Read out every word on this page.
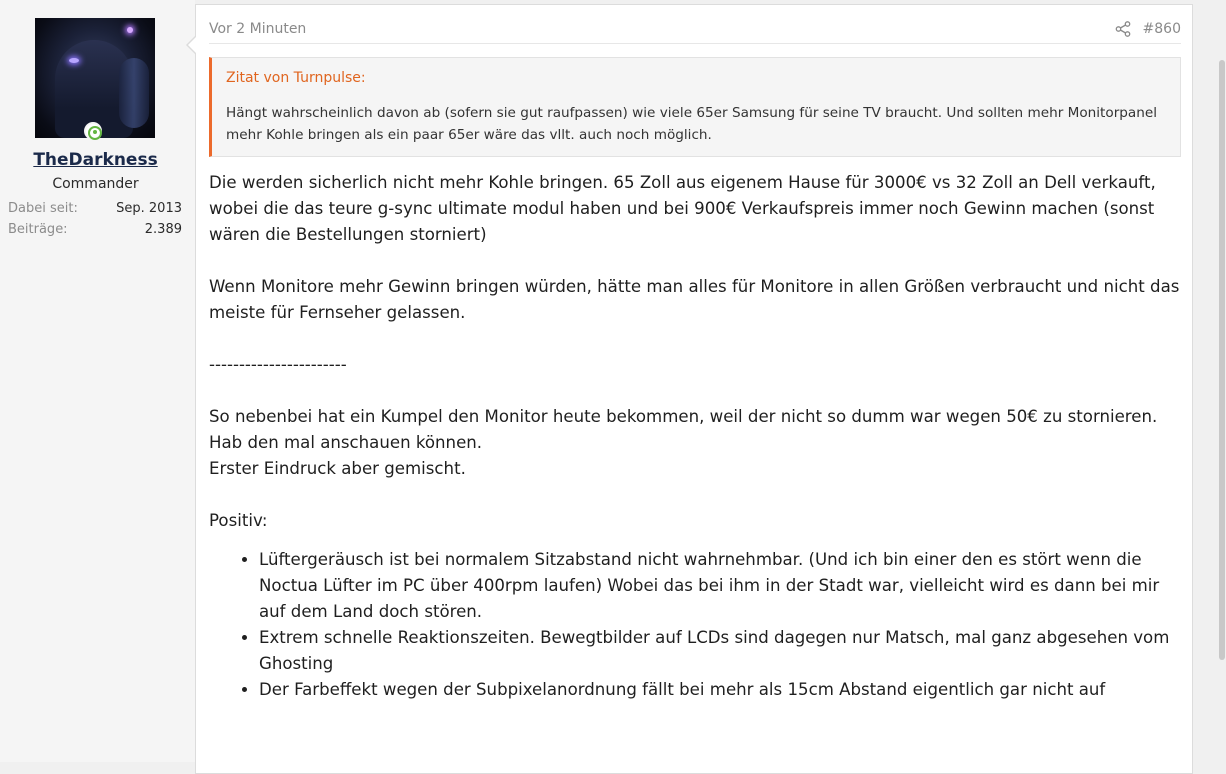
TheDarkness
Commander
Dabei seit:	Sep. 2013
Beiträge:	2.389
Vor 2 Minuten	#860
Zitat von Turnpulse:
Hängt wahrscheinlich davon ab (sofern sie gut raufpassen) wie viele 65er Samsung für seine TV braucht. Und sollten mehr Monitorpanel mehr Kohle bringen als ein paar 65er wäre das vllt. auch noch möglich.

Die werden sicherlich nicht mehr Kohle bringen. 65 Zoll aus eigenem Hause für 3000€ vs 32 Zoll an Dell verkauft, wobei die das teure g-sync ultimate modul haben und bei 900€ Verkaufspreis immer noch Gewinn machen (sonst wären die Bestellungen storniert)

Wenn Monitore mehr Gewinn bringen würden, hätte man alles für Monitore in allen Größen verbraucht und nicht das meiste für Fernseher gelassen.

-----------------------

So nebenbei hat ein Kumpel den Monitor heute bekommen, weil der nicht so dumm war wegen 50€ zu stornieren.

Hab den mal anschauen können.

Erster Eindruck aber gemischt.

Positiv:

• Lüftergeräusch ist bei normalem Sitzabstand nicht wahrnehmbar. (Und ich bin einer den es stört wenn die Noctua Lüfter im PC über 400rpm laufen) Wobei das bei ihm in der Stadt war, vielleicht wird es dann bei mir auf dem Land doch stören.
• Extrem schnelle Reaktionszeiten. Bewegtbilder auf LCDs sind dagegen nur Matsch, mal ganz abgesehen vom Ghosting
• Der Farbeffekt wegen der Subpixelanordnung fällt bei mehr als 15cm Abstand eigentlich gar nicht auf
